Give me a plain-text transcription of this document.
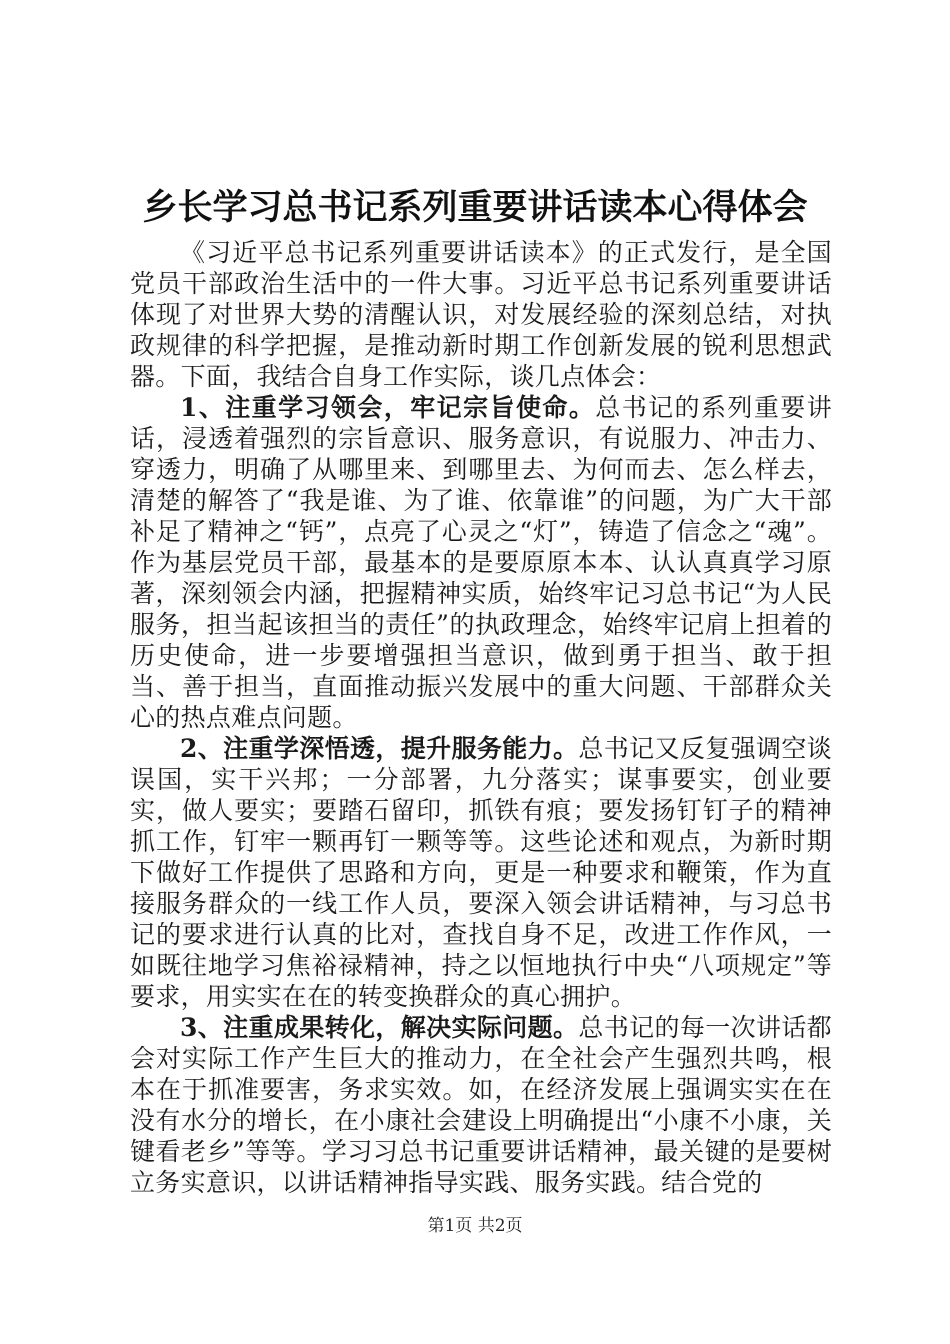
乡长学习总书记系列重要讲话读本心得体会

《习近平总书记系列重要讲话读本》的正式发行，是全国党员干部政治生活中的一件大事。习近平总书记系列重要讲话体现了对世界大势的清醒认识，对发展经验的深刻总结，对执政规律的科学把握，是推动新时期工作创新发展的锐利思想武器。下面，我结合自身工作实际，谈几点体会：

1、注重学习领会，牢记宗旨使命。总书记的系列重要讲话，浸透着强烈的宗旨意识、服务意识，有说服力、冲击力、穿透力，明确了从哪里来、到哪里去、为何而去、怎么样去，清楚的解答了“我是谁、为了谁、依靠谁”的问题，为广大干部补足了精神之“钙”，点亮了心灵之“灯”，铸造了信念之“魂”。作为基层党员干部，最基本的是要原原本本、认认真真学习原著，深刻领会内涵，把握精神实质，始终牢记习总书记“为人民服务，担当起该担当的责任”的执政理念，始终牢记肩上担着的历史使命，进一步要增强担当意识，做到勇于担当、敢于担当、善于担当，直面推动振兴发展中的重大问题、干部群众关心的热点难点问题。

2、注重学深悟透，提升服务能力。总书记又反复强调空谈误国，实干兴邦；一分部署，九分落实；谋事要实，创业要实，做人要实；要踏石留印，抓铁有痕；要发扬钉钉子的精神抓工作，钉牢一颗再钉一颗等等。这些论述和观点，为新时期下做好工作提供了思路和方向，更是一种要求和鞭策，作为直接服务群众的一线工作人员，要深入领会讲话精神，与习总书记的要求进行认真的比对，查找自身不足，改进工作作风，一如既往地学习焦裕禄精神，持之以恒地执行中央“八项规定”等要求，用实实在在的转变换群众的真心拥护。

3、注重成果转化，解决实际问题。总书记的每一次讲话都会对实际工作产生巨大的推动力，在全社会产生强烈共鸣，根本在于抓准要害，务求实效。如，在经济发展上强调实实在在没有水分的增长，在小康社会建设上明确提出“小康不小康，关键看老乡”等等。学习习总书记重要讲话精神，最关键的是要树立务实意识，以讲话精神指导实践、服务实践。结合党的

第1页 共2页
